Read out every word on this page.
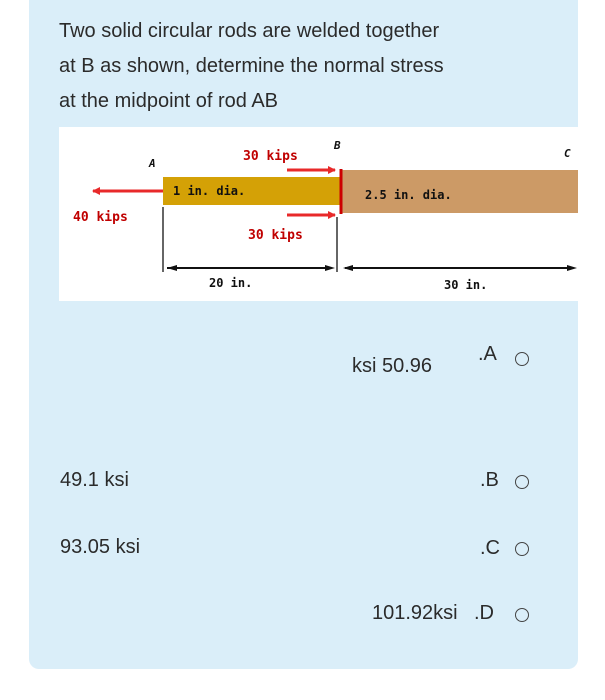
Two solid circular rods are welded together
at B as shown, determine the normal stress
at the midpoint of rod AB

A
B
C
30 kips
30 kips
40 kips
1 in. dia.	2.5 in. dia.
20 in.	30 in.
ksi 50.96
.A
49.1 ksi	.B
93.05 ksi	.C
101.92ksi .D
